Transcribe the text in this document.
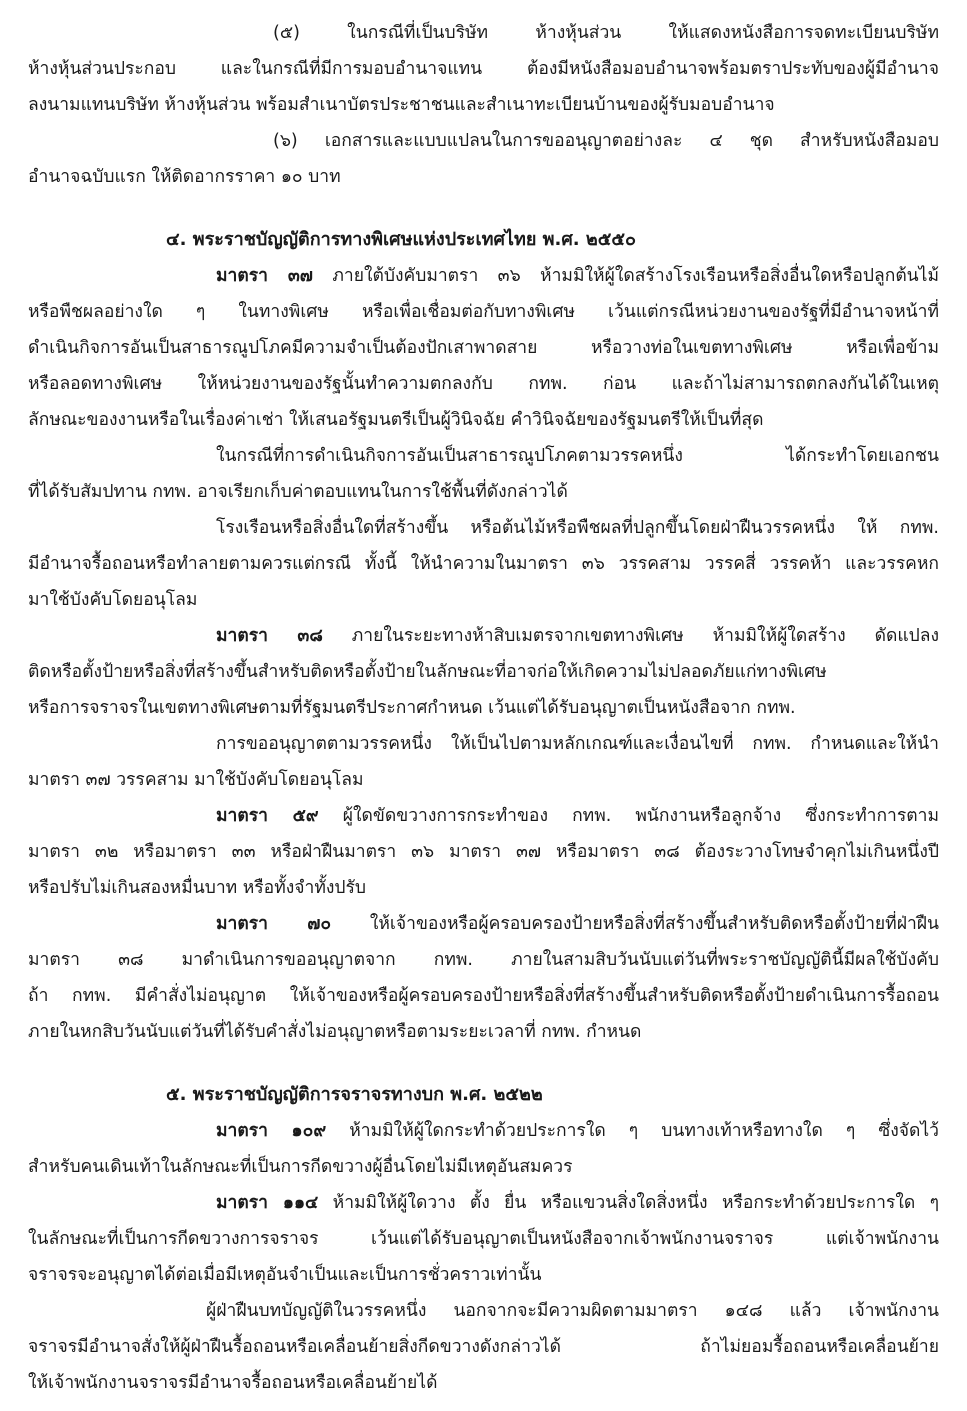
(๕) ในกรณีที่เป็นบริษัท ห้างหุ้นส่วน ให้แสดงหนังสือการจดทะเบียนบริษัท
ห้างหุ้นส่วนประกอบ และในกรณีที่มีการมอบอำนาจแทน ต้องมีหนังสือมอบอำนาจพร้อมตราประทับของผู้มีอำนาจ
ลงนามแทนบริษัท ห้างหุ้นส่วน พร้อมสำเนาบัตรประชาชนและสำเนาทะเบียนบ้านของผู้รับมอบอำนาจ
(๖) เอกสารและแบบแปลนในการขออนุญาตอย่างละ ๔ ชุด สำหรับหนังสือมอบ
อำนาจฉบับแรก ให้ติดอากรราคา ๑๐ บาท
๔. พระราชบัญญัติการทางพิเศษแห่งประเทศไทย พ.ศ. ๒๕๕๐
มาตรา ๓๗ ภายใต้บังคับมาตรา ๓๖ ห้ามมิให้ผู้ใดสร้างโรงเรือนหรือสิ่งอื่นใดหรือปลูกต้นไม้
หรือพืชผลอย่างใด ๆ ในทางพิเศษ หรือเพื่อเชื่อมต่อกับทางพิเศษ เว้นแต่กรณีหน่วยงานของรัฐที่มีอำนาจหน้าที่
ดำเนินกิจการอันเป็นสาธารณูปโภคมีความจำเป็นต้องปักเสาพาดสาย หรือวางท่อในเขตทางพิเศษ หรือเพื่อข้าม
หรือลอดทางพิเศษ ให้หน่วยงานของรัฐนั้นทำความตกลงกับ กทพ. ก่อน และถ้าไม่สามารถตกลงกันได้ในเหตุ
ลักษณะของงานหรือในเรื่องค่าเช่า ให้เสนอรัฐมนตรีเป็นผู้วินิจฉัย คำวินิจฉัยของรัฐมนตรีให้เป็นที่สุด
ในกรณีที่การดำเนินกิจการอันเป็นสาธารณูปโภคตามวรรคหนึ่ง ได้กระทำโดยเอกชน
ที่ได้รับสัมปทาน กทพ. อาจเรียกเก็บค่าตอบแทนในการใช้พื้นที่ดังกล่าวได้
โรงเรือนหรือสิ่งอื่นใดที่สร้างขึ้น หรือต้นไม้หรือพืชผลที่ปลูกขึ้นโดยฝ่าฝืนวรรคหนึ่ง ให้ กทพ.
มีอำนาจรื้อถอนหรือทำลายตามควรแต่กรณี ทั้งนี้ ให้นำความในมาตรา ๓๖ วรรคสาม วรรคสี่ วรรคห้า และวรรคหก
มาใช้บังคับโดยอนุโลม
มาตรา ๓๘ ภายในระยะทางห้าสิบเมตรจากเขตทางพิเศษ ห้ามมิให้ผู้ใดสร้าง ดัดแปลง
ติดหรือตั้งป้ายหรือสิ่งที่สร้างขึ้นสำหรับติดหรือตั้งป้ายในลักษณะที่อาจก่อให้เกิดความไม่ปลอดภัยแก่ทางพิเศษ
หรือการจราจรในเขตทางพิเศษตามที่รัฐมนตรีประกาศกำหนด เว้นแต่ได้รับอนุญาตเป็นหนังสือจาก กทพ.
การขออนุญาตตามวรรคหนึ่ง ให้เป็นไปตามหลักเกณฑ์และเงื่อนไขที่ กทพ. กำหนดและให้นำ
มาตรา ๓๗ วรรคสาม มาใช้บังคับโดยอนุโลม
มาตรา ๕๙ ผู้ใดขัดขวางการกระทำของ กทพ. พนักงานหรือลูกจ้าง ซึ่งกระทำการตาม
มาตรา ๓๒ หรือมาตรา ๓๓ หรือฝ่าฝืนมาตรา ๓๖ มาตรา ๓๗ หรือมาตรา ๓๘ ต้องระวางโทษจำคุกไม่เกินหนึ่งปี
หรือปรับไม่เกินสองหมื่นบาท หรือทั้งจำทั้งปรับ
มาตรา ๗๐ ให้เจ้าของหรือผู้ครอบครองป้ายหรือสิ่งที่สร้างขึ้นสำหรับติดหรือตั้งป้ายที่ฝ่าฝืน
มาตรา ๓๘ มาดำเนินการขออนุญาตจาก กทพ. ภายในสามสิบวันนับแต่วันที่พระราชบัญญัตินี้มีผลใช้บังคับ
ถ้า กทพ. มีคำสั่งไม่อนุญาต ให้เจ้าของหรือผู้ครอบครองป้ายหรือสิ่งที่สร้างขึ้นสำหรับติดหรือตั้งป้ายดำเนินการรื้อถอน
ภายในหกสิบวันนับแต่วันที่ได้รับคำสั่งไม่อนุญาตหรือตามระยะเวลาที่ กทพ. กำหนด
๕. พระราชบัญญัติการจราจรทางบก พ.ศ. ๒๕๒๒
มาตรา ๑๐๙ ห้ามมิให้ผู้ใดกระทำด้วยประการใด ๆ บนทางเท้าหรือทางใด ๆ ซึ่งจัดไว้
สำหรับคนเดินเท้าในลักษณะที่เป็นการกีดขวางผู้อื่นโดยไม่มีเหตุอันสมควร
มาตรา ๑๑๔ ห้ามมิให้ผู้ใดวาง ตั้ง ยื่น หรือแขวนสิ่งใดสิ่งหนึ่ง หรือกระทำด้วยประการใด ๆ
ในลักษณะที่เป็นการกีดขวางการจราจร เว้นแต่ได้รับอนุญาตเป็นหนังสือจากเจ้าพนักงานจราจร แต่เจ้าพนักงาน
จราจรจะอนุญาตได้ต่อเมื่อมีเหตุอันจำเป็นและเป็นการชั่วคราวเท่านั้น
ผู้ฝ่าฝืนบทบัญญัติในวรรคหนึ่ง นอกจากจะมีความผิดตามมาตรา ๑๔๘ แล้ว เจ้าพนักงาน
จราจรมีอำนาจสั่งให้ผู้ฝ่าฝืนรื้อถอนหรือเคลื่อนย้ายสิ่งกีดขวางดังกล่าวได้ ถ้าไม่ยอมรื้อถอนหรือเคลื่อนย้าย
ให้เจ้าพนักงานจราจรมีอำนาจรื้อถอนหรือเคลื่อนย้ายได้
